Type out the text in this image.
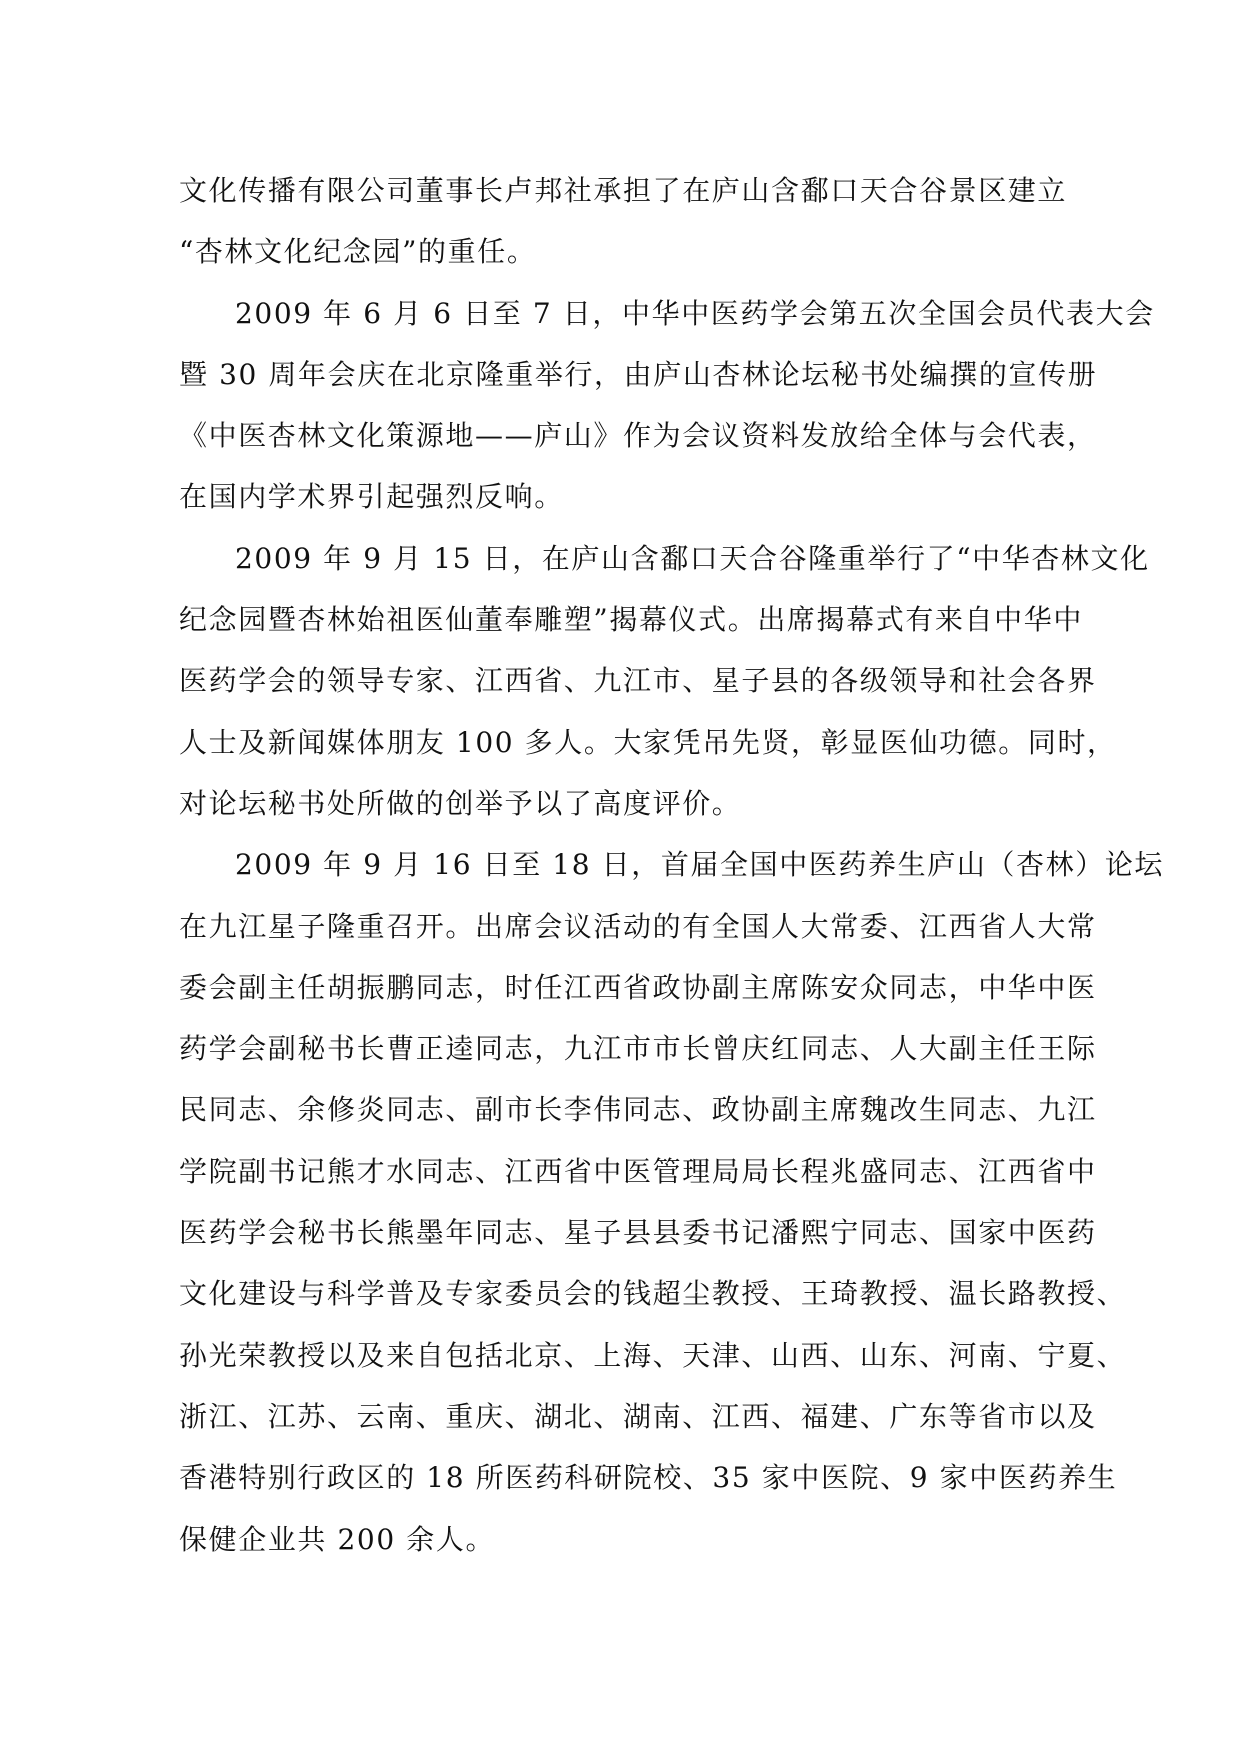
文化传播有限公司董事长卢邦社承担了在庐山含鄱口天合谷景区建立
“杏林文化纪念园”的重任。

2009 年 6 月 6 日至 7 日，中华中医药学会第五次全国会员代表大会
暨 30 周年会庆在北京隆重举行，由庐山杏林论坛秘书处编撰的宣传册
《中医杏林文化策源地——庐山》作为会议资料发放给全体与会代表，
在国内学术界引起强烈反响。

2009 年 9 月 15 日，在庐山含鄱口天合谷隆重举行了“中华杏林文化
纪念园暨杏林始祖医仙董奉雕塑”揭幕仪式。出席揭幕式有来自中华中
医药学会的领导专家、江西省、九江市、星子县的各级领导和社会各界
人士及新闻媒体朋友 100 多人。大家凭吊先贤，彰显医仙功德。同时，
对论坛秘书处所做的创举予以了高度评价。

2009 年 9 月 16 日至 18 日，首届全国中医药养生庐山（杏林）论坛
在九江星子隆重召开。出席会议活动的有全国人大常委、江西省人大常
委会副主任胡振鹏同志，时任江西省政协副主席陈安众同志，中华中医
药学会副秘书长曹正逵同志，九江市市长曾庆红同志、人大副主任王际
民同志、余修炎同志、副市长李伟同志、政协副主席魏改生同志、九江
学院副书记熊才水同志、江西省中医管理局局长程兆盛同志、江西省中
医药学会秘书长熊墨年同志、星子县县委书记潘熙宁同志、国家中医药
文化建设与科学普及专家委员会的钱超尘教授、王琦教授、温长路教授、
孙光荣教授以及来自包括北京、上海、天津、山西、山东、河南、宁夏、
浙江、江苏、云南、重庆、湖北、湖南、江西、福建、广东等省市以及
香港特别行政区的 18 所医药科研院校、35 家中医院、9 家中医药养生
保健企业共 200 余人。
